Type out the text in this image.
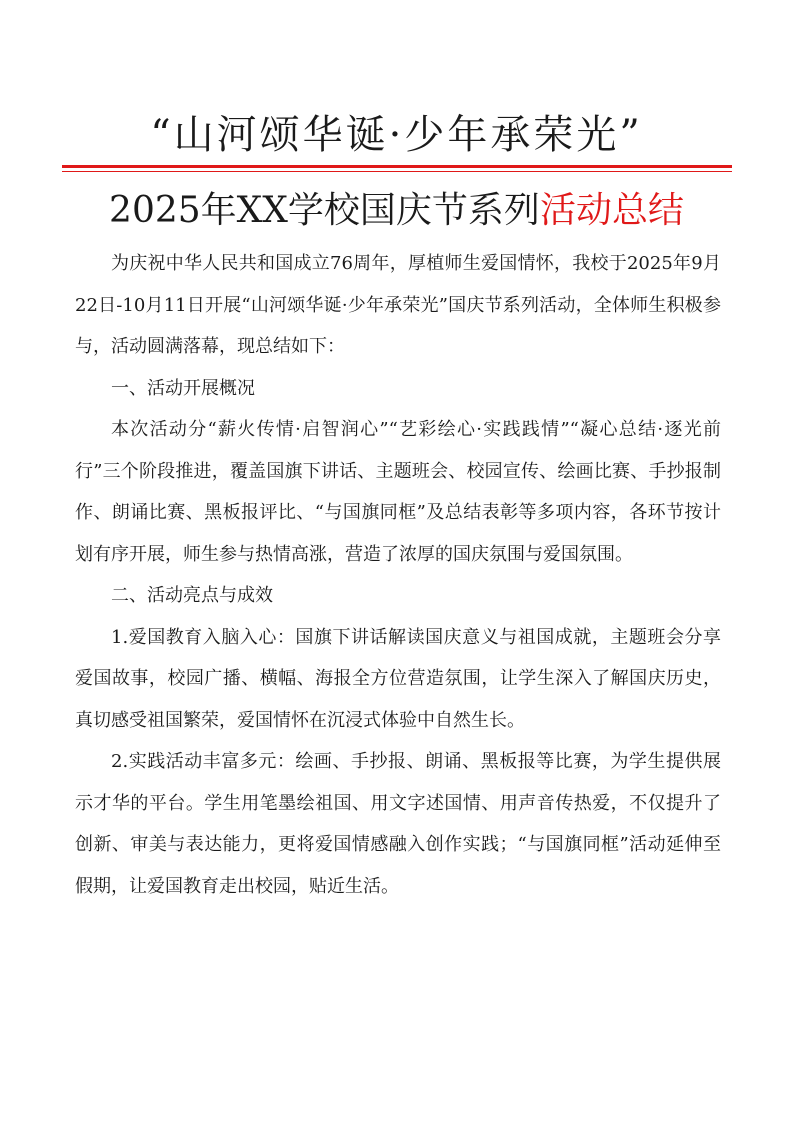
“山河颂华诞·少年承荣光”
2025年XX学校国庆节系列活动总结

为庆祝中华人民共和国成立76周年，厚植师生爱国情怀，我校于2025年9月22日-10月11日开展“山河颂华诞·少年承荣光”国庆节系列活动，全体师生积极参与，活动圆满落幕，现总结如下：

一、活动开展概况

本次活动分“薪火传情·启智润心”“艺彩绘心·实践践情”“凝心总结·逐光前行”三个阶段推进，覆盖国旗下讲话、主题班会、校园宣传、绘画比赛、手抄报制作、朗诵比赛、黑板报评比、“与国旗同框”及总结表彰等多项内容，各环节按计划有序开展，师生参与热情高涨，营造了浓厚的国庆氛围与爱国氛围。

二、活动亮点与成效

1.爱国教育入脑入心：国旗下讲话解读国庆意义与祖国成就，主题班会分享爱国故事，校园广播、横幅、海报全方位营造氛围，让学生深入了解国庆历史，真切感受祖国繁荣，爱国情怀在沉浸式体验中自然生长。

2.实践活动丰富多元：绘画、手抄报、朗诵、黑板报等比赛，为学生提供展示才华的平台。学生用笔墨绘祖国、用文字述国情、用声音传热爱，不仅提升了创新、审美与表达能力，更将爱国情感融入创作实践；“与国旗同框”活动延伸至假期，让爱国教育走出校园，贴近生活。
